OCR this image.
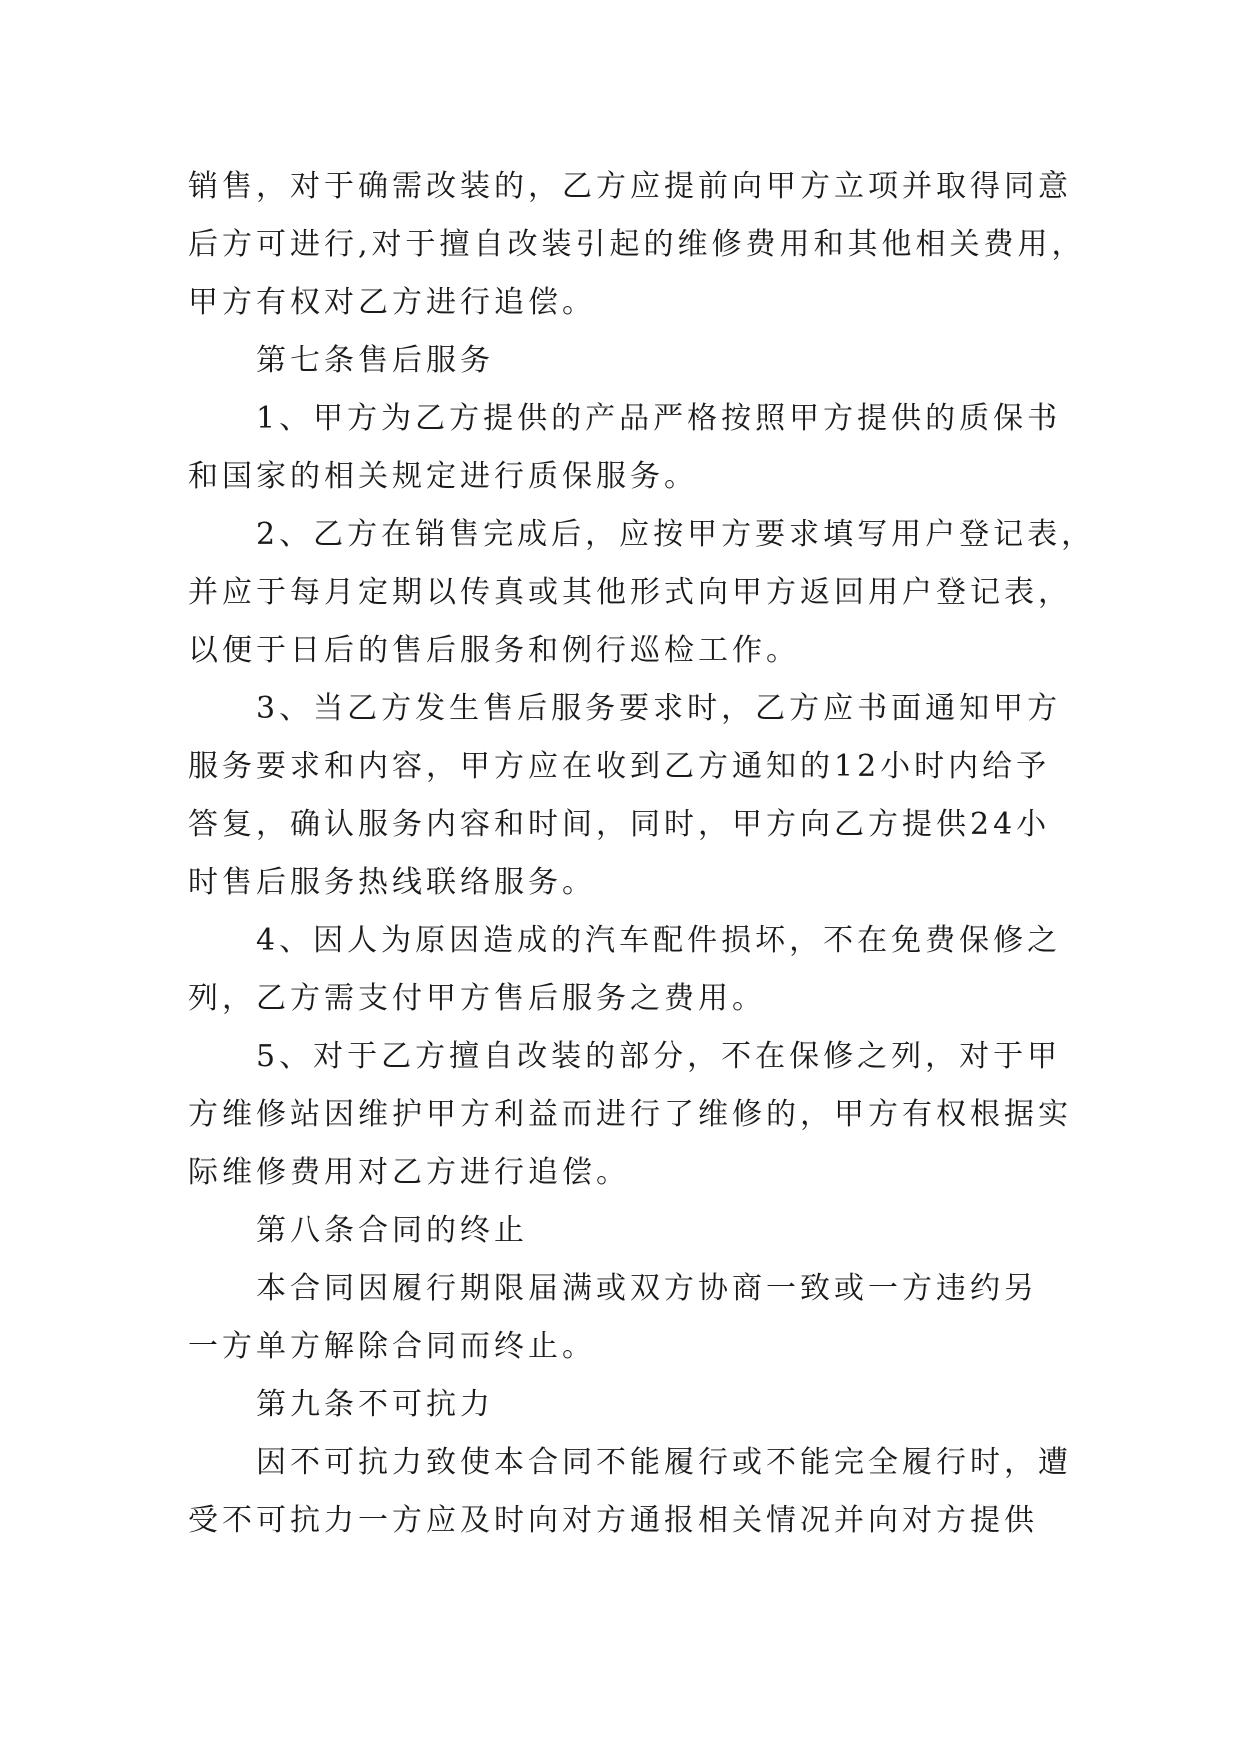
销售，对于确需改装的，乙方应提前向甲方立项并取得同意
后方可进行,对于擅自改装引起的维修费用和其他相关费用，
甲方有权对乙方进行追偿。
第七条售后服务
1、甲方为乙方提供的产品严格按照甲方提供的质保书
和国家的相关规定进行质保服务。
2、乙方在销售完成后，应按甲方要求填写用户登记表，
并应于每月定期以传真或其他形式向甲方返回用户登记表，
以便于日后的售后服务和例行巡检工作。
3、当乙方发生售后服务要求时，乙方应书面通知甲方
服务要求和内容，甲方应在收到乙方通知的12小时内给予
答复，确认服务内容和时间，同时，甲方向乙方提供24小
时售后服务热线联络服务。
4、因人为原因造成的汽车配件损坏，不在免费保修之
列，乙方需支付甲方售后服务之费用。
5、对于乙方擅自改装的部分，不在保修之列，对于甲
方维修站因维护甲方利益而进行了维修的，甲方有权根据实
际维修费用对乙方进行追偿。
第八条合同的终止
本合同因履行期限届满或双方协商一致或一方违约另
一方单方解除合同而终止。
第九条不可抗力
因不可抗力致使本合同不能履行或不能完全履行时，遭
受不可抗力一方应及时向对方通报相关情况并向对方提供
